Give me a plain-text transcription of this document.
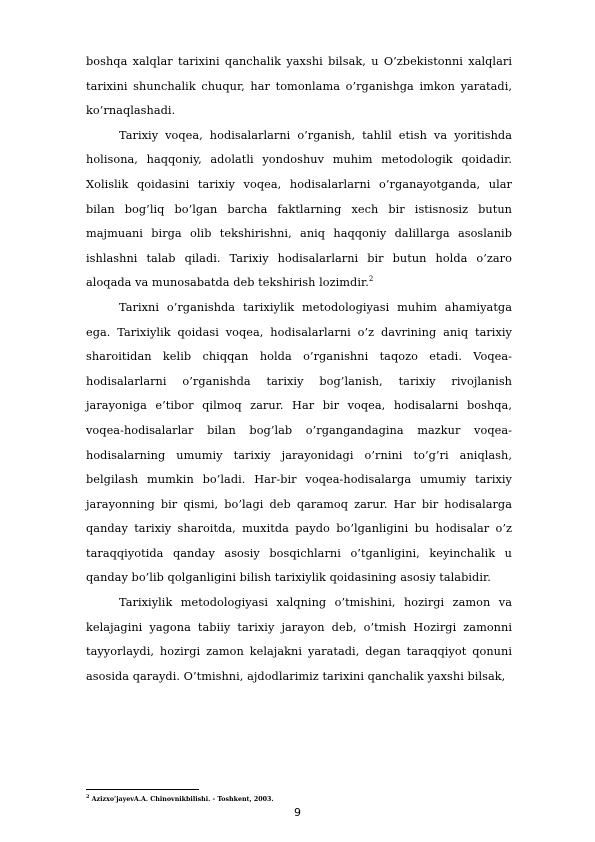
boshqa xalqlar tarixini qanchalik yaxshi bilsak, u O’zbekistonni xalqlari tarixini shunchalik chuqur, har tomonlama o’rganishga imkon yaratadi, ko’rnaqlashadi.

Tarixiy voqea, hodisalarlarni o’rganish, tahlil etish va yoritishda holisona, haqqoniy, adolatli yondoshuv muhim metodologik qoidadir. Xolislik qoidasini tarixiy voqea, hodisalarlarni o’rganayotganda, ular bilan bog’liq bo’lgan barcha faktlarning xech bir istisnosiz butun majmuani birga olib tekshirishni, aniq haqqoniy dalillarga asoslanib ishlashni talab qiladi. Tarixiy hodisalarlarni bir butun holda o’zaro aloqada va munosabatda deb tekshirish lozimdir.$^2$

Tarixni o’rganishda tarixiylik metodologiyasi muhim ahamiyatga ega. Tarixiylik qoidasi voqea, hodisalarlarni o’z davrining aniq tarixiy sharoitidan kelib chiqqan holda o’rganishni taqozo etadi. Voqea-hodisalarlarni o’rganishda tarixiy bog’lanish, tarixiy rivojlanish jarayoniga e’tibor qilmoq zarur. Har bir voqea, hodisalarni boshqa, voqea-hodisalarlar bilan bog’lab o’rgangandagina mazkur voqea-hodisalarning umumiy tarixiy jarayonidagi o’rnini to’g’ri aniqlash, belgilash mumkin bo’ladi. Har-bir voqea-hodisalarga umumiy tarixiy jarayonning bir qismi, bo’lagi deb qaramoq zarur. Har bir hodisalarga qanday tarixiy sharoitda, muxitda paydo bo’lganligini bu hodisalar o’z taraqqiyotida qanday asosiy bosqichlarni o’tganligini, keyinchalik u qanday bo’lib qolganligini bilish tarixiylik qoidasining asosiy talabidir.

Tarixiylik metodologiyasi xalqning o’tmishini, hozirgi zamon va kelajagini yagona tabiiy tarixiy jarayon deb, o’tmish Hozirgi zamonni tayyorlaydi, hozirgi zamon kelajakni yaratadi, degan taraqqiyot qonuni asosida qaraydi. O’tmishni, ajdodlarimiz tarixini qanchalik yaxshi bilsak,

$^2$ Azizxo’jayevA.A. Chinovnikbilishi. - Toshkent, 2003.
9
